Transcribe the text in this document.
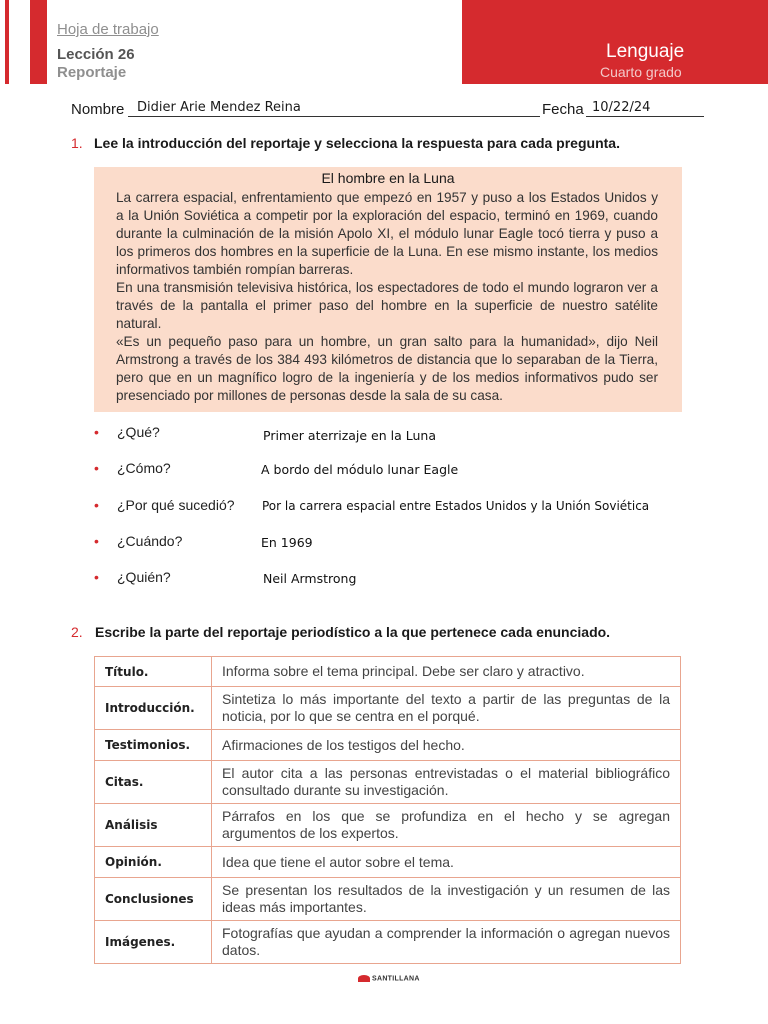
Hoja de trabajo
Lección 26
Reportaje
Lenguaje
Cuarto grado
Nombre Didier Arie Mendez Reina	Fecha 10/22/24
1. Lee la introducción del reportaje y selecciona la respuesta para cada pregunta.
El hombre en la Luna

La carrera espacial, enfrentamiento que empezó en 1957 y puso a los Estados Unidos y a la Unión Soviética a competir por la exploración del espacio, terminó en 1969, cuando durante la culminación de la misión Apolo XI, el módulo lunar Eagle tocó tierra y puso a los primeros dos hombres en la superficie de la Luna. En ese mismo instante, los medios informativos también rompían barreras.

En una transmisión televisiva histórica, los espectadores de todo el mundo lograron ver a través de la pantalla el primer paso del hombre en la superficie de nuestro satélite natural.

«Es un pequeño paso para un hombre, un gran salto para la humanidad», dijo Neil Armstrong a través de los 384 493 kilómetros de distancia que lo separaban de la Tierra, pero que en un magnífico logro de la ingeniería y de los medios informativos pudo ser presenciado por millones de personas desde la sala de su casa.

• ¿Qué?	Primer aterrizaje en la Luna
• ¿Cómo?	A bordo del módulo lunar Eagle
• ¿Por qué sucedió? Por la carrera espacial entre Estados Unidos y la Unión Soviética
• ¿Cuándo?	En 1969
• ¿Quién?	Neil Armstrong
2. Escribe la parte del reportaje periodístico a la que pertenece cada enunciado.
Título.	Informa sobre el tema principal. Debe ser claro y atractivo.
Introducción.	Sintetiza lo más importante del texto a partir de las preguntas de la noticia, por lo que se centra en el porqué.
Testimonios.	Afirmaciones de los testigos del hecho.
Citas.	El autor cita a las personas entrevistadas o el material bibliográfico consultado durante su investigación.
Análisis	Párrafos en los que se profundiza en el hecho y se agregan argumentos de los expertos.
Opinión.	Idea que tiene el autor sobre el tema.
Conclusiones	Se presentan los resultados de la investigación y un resumen de las ideas más importantes.
Imágenes.	Fotografías que ayudan a comprender la información o agregan nuevos datos.
SANTILLANA
